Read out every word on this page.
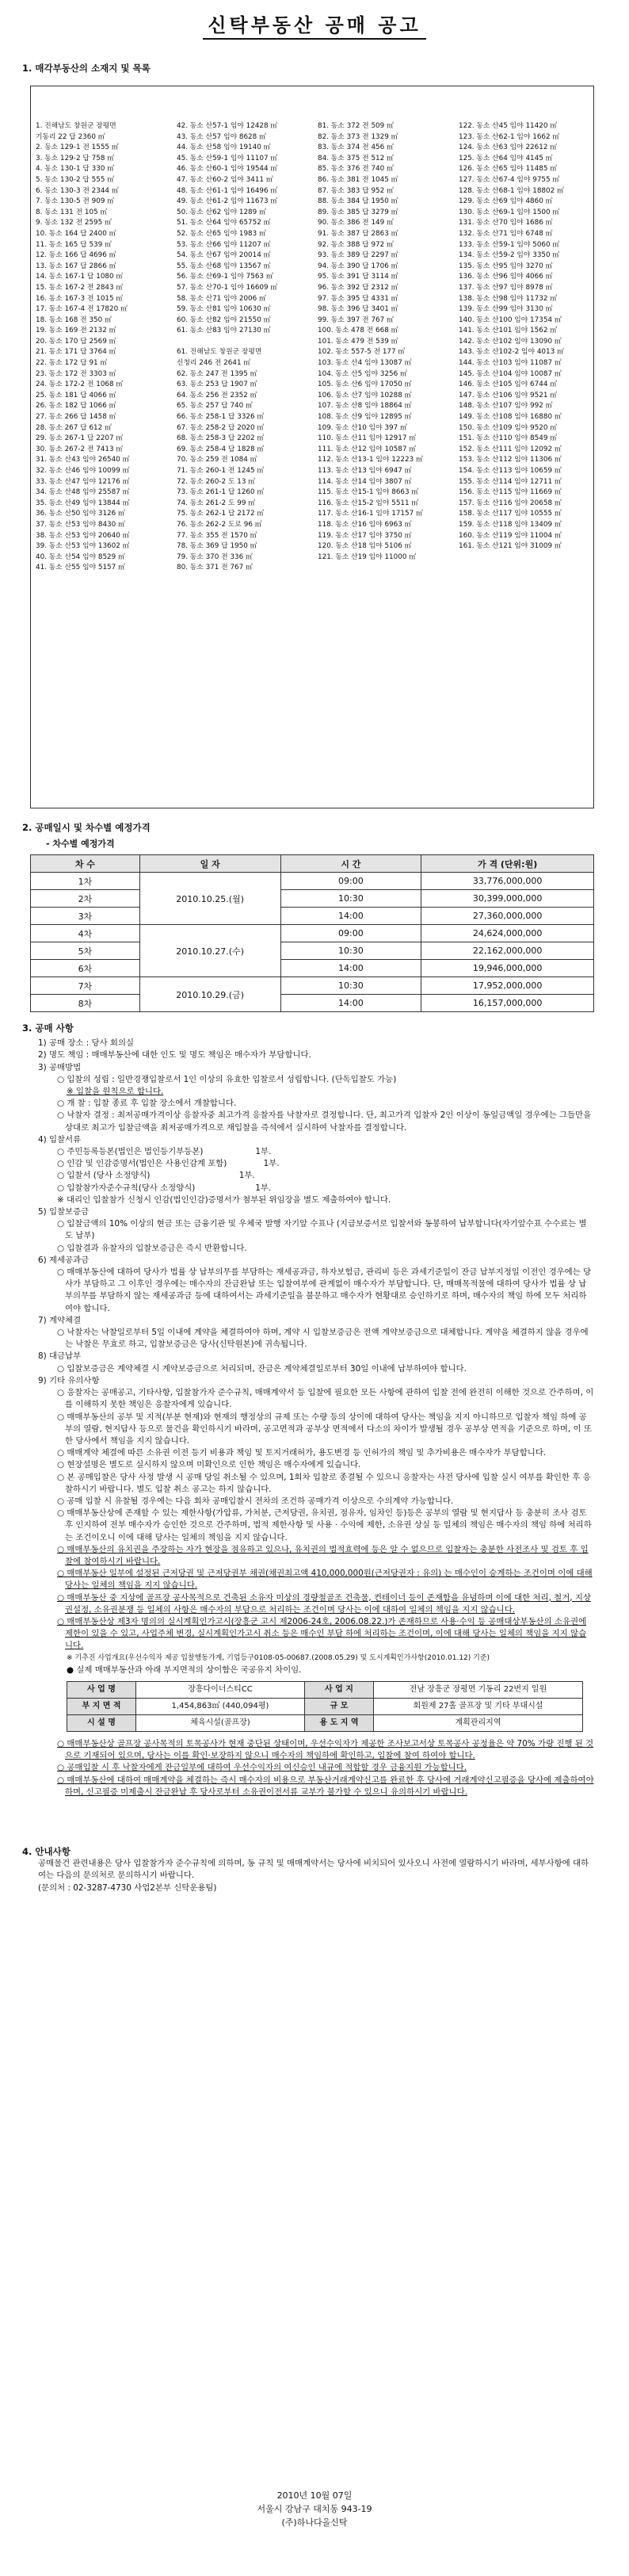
신탁부동산 공매 공고
1. 매각부동산의 소재지 및 목록
1. 진해남도 창원군 장평면
기동리 22 답 2360 ㎡
2. 동소 129-1 전 1555 ㎡
3. 동소 129-2 답 758 ㎡
4. 동소 130-1 답 330 ㎡
5. 동소 130-2 답 555 ㎡
6. 동소 130-3 전 2344 ㎡
7. 동소 130-5 전 909 ㎡
8. 동소 131 전 105 ㎡
9. 동소 132 전 2595 ㎡
10. 동소 164 답 2400 ㎡
11. 동소 165 답 539 ㎡
12. 동소 166 답 4696 ㎡
13. 동소 167 답 2866 ㎡
14. 동소 167-1 답 1080 ㎡
15. 동소 167-2 전 2843 ㎡
16. 동소 167-3 전 1015 ㎡
17. 동소 167-4 전 17820 ㎡
18. 동소 168 전 350 ㎡
19. 동소 169 전 2132 ㎡
20. 동소 170 답 2569 ㎡
21. 동소 171 답 3764 ㎡
22. 동소 172 답 91 ㎡
23. 동소 172 전 3303 ㎡
24. 동소 172-2 전 1068 ㎡
25. 동소 181 답 4066 ㎡
26. 동소 182 답 1066 ㎡
27. 동소 266 답 1458 ㎡
28. 동소 267 답 612 ㎡
29. 동소 267-1 답 2207 ㎡
30. 동소 267-2 전 7413 ㎡
31. 동소 산43 임야 26540 ㎡
32. 동소 산46 임야 10099 ㎡
33. 동소 산47 임야 12176 ㎡
34. 동소 산48 임야 25587 ㎡
35. 동소 산49 임야 13844 ㎡
36. 동소 산50 임야 3126 ㎡
37. 동소 산53 임야 8430 ㎡
38. 동소 산53 임야 20640 ㎡
39. 동소 산53 임야 13602 ㎡
40. 동소 산54 임야 8529 ㎡
41. 동소 산55 임야 5157 ㎡
42. 동소 산57-1 임야 12428 ㎡
43. 동소 산57 임야 8628 ㎡
44. 동소 산58 임야 19140 ㎡
45. 동소 산59-1 임야 11107 ㎡
46. 동소 산60-1 임야 19544 ㎡
47. 동소 산60-2 임야 3411 ㎡
48. 동소 산61-1 임야 16496 ㎡
49. 동소 산61-2 임야 11673 ㎡
50. 동소 산62 임야 1289 ㎡
51. 동소 산64 임야 65752 ㎡
52. 동소 산65 임야 1983 ㎡
53. 동소 산66 임야 11207 ㎡
54. 동소 산67 임야 20014 ㎡
55. 동소 산68 임야 13567 ㎡
56. 동소 산69-1 임야 7563 ㎡
57. 동소 산70-1 임야 16609 ㎡
58. 동소 산71 임야 2006 ㎡
59. 동소 산81 임야 10630 ㎡
60. 동소 산82 임야 21550 ㎡
61. 동소 산83 임야 27130 ㎡
61. 진해남도 창원군 장평면
신청리 246 전 2641 ㎡
62. 동소 247 전 1395 ㎡
63. 동소 253 답 1907 ㎡
64. 동소 256 전 2352 ㎡
65. 동소 257 답 740 ㎡
66. 동소 258-1 답 3326 ㎡
67. 동소 258-2 답 2020 ㎡
68. 동소 258-3 답 2202 ㎡
69. 동소 258-4 답 1828 ㎡
70. 동소 259 전 1084 ㎡
71. 동소 260-1 전 1245 ㎡
72. 동소 260-2 도 13 ㎡
73. 동소 261-1 답 1260 ㎡
74. 동소 261-2 도 99 ㎡
75. 동소 262-1 답 2172 ㎡
76. 동소 262-2 도로 96 ㎡
77. 동소 355 전 1570 ㎡
78. 동소 369 답 1950 ㎡
79. 동소 370 전 336 ㎡
80. 동소 371 전 767 ㎡
81. 동소 372 전 509 ㎡
82. 동소 373 전 1329 ㎡
83. 동소 374 전 456 ㎡
84. 동소 375 전 512 ㎡
85. 동소 376 전 740 ㎡
86. 동소 381 전 1045 ㎡
87. 동소 383 답 952 ㎡
88. 동소 384 답 1950 ㎡
89. 동소 385 답 3279 ㎡
90. 동소 386 전 149 ㎡
91. 동소 387 답 2863 ㎡
92. 동소 388 답 972 ㎡
93. 동소 389 답 2297 ㎡
94. 동소 390 답 1706 ㎡
95. 동소 391 답 3114 ㎡
96. 동소 392 답 2312 ㎡
97. 동소 395 답 4331 ㎡
98. 동소 396 답 3401 ㎡
99. 동소 397 전 767 ㎡
100. 동소 478 전 668 ㎡
101. 동소 479 전 539 ㎡
102. 동소 557-5 전 177 ㎡
103. 동소 산4 임야 13087 ㎡
104. 동소 산5 임야 3256 ㎡
105. 동소 산6 임야 17050 ㎡
106. 동소 산7 임야 10288 ㎡
107. 동소 산8 임야 18864 ㎡
108. 동소 산9 임야 12895 ㎡
109. 동소 산10 임야 397 ㎡
110. 동소 산11 임야 12917 ㎡
111. 동소 산12 임야 10587 ㎡
112. 동소 산13-1 임야 12223 ㎡
113. 동소 산13 임야 6947 ㎡
114. 동소 산14 임야 3807 ㎡
115. 동소 산15-1 임야 8663 ㎡
116. 동소 산15-2 임야 5511 ㎡
117. 동소 산16-1 임야 17157 ㎡
118. 동소 산16 임야 6963 ㎡
119. 동소 산17 임야 3750 ㎡
120. 동소 산18 임야 5106 ㎡
121. 동소 산19 임야 11000 ㎡
122. 동소 산45 임야 11420 ㎡
123. 동소 산62-1 임야 1662 ㎡
124. 동소 산63 임야 22612 ㎡
125. 동소 산64 임야 4145 ㎡
126. 동소 산65 임야 11485 ㎡
127. 동소 산67-4 임야 9755 ㎡
128. 동소 산68-1 임야 18802 ㎡
129. 동소 산69 임야 4860 ㎡
130. 동소 산69-1 임야 1500 ㎡
131. 동소 산70 임야 1686 ㎡
132. 동소 산71 임야 6748 ㎡
133. 동소 산59-1 임야 5060 ㎡
134. 동소 산59-2 임야 3350 ㎡
135. 동소 산95 임야 3270 ㎡
136. 동소 산96 임야 4066 ㎡
137. 동소 산97 임야 8978 ㎡
138. 동소 산98 임야 11732 ㎡
139. 동소 산99 임야 3130 ㎡
140. 동소 산100 임야 17354 ㎡
141. 동소 산101 임야 1562 ㎡
142. 동소 산102 임야 13090 ㎡
143. 동소 산102-2 임야 4013 ㎡
144. 동소 산103 임야 11087 ㎡
145. 동소 산104 임야 10087 ㎡
146. 동소 산105 임야 6744 ㎡
147. 동소 산106 임야 9521 ㎡
148. 동소 산107 임야 992 ㎡
149. 동소 산108 임야 16880 ㎡
150. 동소 산109 임야 9520 ㎡
151. 동소 산110 임야 8549 ㎡
152. 동소 산111 임야 12092 ㎡
153. 동소 산112 임야 11306 ㎡
154. 동소 산113 임야 10659 ㎡
155. 동소 산114 임야 12711 ㎡
156. 동소 산115 임야 11669 ㎡
157. 동소 산116 임야 20658 ㎡
158. 동소 산117 임야 10555 ㎡
159. 동소 산118 임야 13409 ㎡
160. 동소 산119 임야 11004 ㎡
161. 동소 산121 임야 31009 ㎡
2. 공매일시 및 차수별 예정가격
- 차수별 예정가격
차 수	일 자	시 간	가 격 (단위:원)
1차	2010.10.25.(월)	09:00	33,776,000,000
2차		10:30	30,399,000,000
3차		14:00	27,360,000,000
4차	2010.10.27.(수)	09:00	24,624,000,000
5차		10:30	22,162,000,000
6차		14:00	19,946,000,000
7차	2010.10.29.(금)	10:30	17,952,000,000
8차		14:00	16,157,000,000

3. 공매 사항

1) 공매 장소 : 당사 회의실

2) 명도 책임 : 매매부동산에 대한 인도 및 명도 책임은 매수자가 부담합니다.

3) 공매방법

○ 입찰의 성립 : 일반경쟁입찰로서 1인 이상의 유효한 입찰로서 성립합니다. (단독입찰도 가능)

※ 입찰을 원칙으로 합니다.

○ 개 찰 : 입찰 종료 후 입찰 장소에서 개찰합니다.

○ 낙찰자 결정 : 최저공매가격이상 응찰자중 최고가격 응찰자를 낙찰자로 결정합니다. 단, 최고가격 입찰자 2인 이상이 동일금액일 경우에는 그들만을 상대로 최고가 입찰금액을 최저공매가격으로 재입찰을 즉석에서 실시하여 낙찰자를 결정합니다.

4) 입찰서류

○ 주민등록등본(법인은 법인등기부등본)                    1부.

○ 인감 및 인감증명서(법인은 사용인감계 포함)              1부.

○ 입찰서 (당사 소정양식)                                  1부.

○ 입찰참가자준수규칙(당사 소정양식)                       1부.

※ 대리인 입찰참가 신청시 인감(법인인감)증명서가 첨부된 위임장을 별도 제출하여야 합니다.

5) 입찰보증금

○ 입찰금액의 10% 이상의 현금 또는 금융기관 및 우체국 발행 자기앞 수표나 (지급보증서로 입찰서와 동봉하여 납부합니다(자기앞수표 수수료는 별도 납부)

○ 입찰결과 유찰자의 입찰보증금은 즉시 반환합니다.

6) 제세공과금

○ 매매부동산에 대하여 당사가 법률 상 납부의무를 부담하는 재세공과금, 하자보험금, 관리비 등은 과세기준일이 잔금 납부지정일 이전인 경우에는 당사가 부담하고 그 이후인 경우에는 매수자의 잔금완납 또는 입찰여부에 관계없이 매수자가 부담합니다. 단, 매매목적물에 대하여 당사가 법률 상 납부의무를 부담하지 않는 재세공과금 등에 대하여서는 과세기준일을 불문하고 매수자가 현황대로 승인하기로 하며, 매수자의 책임 하에 모두 처리하여야 합니다.

7) 계약체결

○ 낙찰자는 낙찰일로부터 5일 이내에 계약을 체결하여야 하며, 계약 시 입찰보증금은 전액 계약보증금으로 대체합니다. 계약을 체결하지 않을 경우에는 낙찰은 무효로 하고, 입찰보증금은 당사(신탁원본)에 귀속됩니다.

8) 대금납부

○ 입찰보증금은 계약체결 시 계약보증금으로 처리되며, 잔금은 계약체결일로부터 30일 이내에 납부하여야 합니다.

9) 기타 유의사항

○ 응찰자는 공매공고, 기타사항, 입찰참가자 준수규칙, 매매계약서 등 입찰에 필요한 모든 사항에 관하여 입찰 전에 완전히 이해한 것으로 간주하며, 이를 이해하지 못한 책임은 응찰자에게 있습니다.

○ 매매부동산의 공부 및 지적(부분 현재)와 현재의 행정상의 규제 또는 수량 등의 상이에 대하여 당사는 책임을 지지 아니하므로 입찰자 책임 하에 공부의 열람, 현지답사 등으로 물건을 확인하시기 바라며, 공고면적과 공부상 면적에서 다소의 차이가 발생될 경우 공부상 면적을 기준으로 하며, 이 또한 당사에서 책임을 지지 않습니다.

○ 매매계약 체결에 따른 소유권 이전 등기 비용과 책임 및 토지거래허가, 용도변경 등 인허가의 책임 및 추가비용은 매수자가 부담합니다.

○ 현장설명은 별도로 실시하지 않으며 미확인으로 인한 책임은 매수자에게 있습니다.

○ 본 공매입찰은 당사 사정 발생 시 공매 당일 취소될 수 있으며, 1회차 입찰로 종결될 수 있으니 응찰자는 사전 당사에 입찰 실시 여부를 확인한 후 응찰하시기 바랍니다. 별도 입찰 취소 공고는 하지 않습니다.

○ 공매 입찰 시 유찰될 경우에는 다음 회차 공매입찰시 전차의 조건하 공매가격 이상으로 수의계약 가능합니다.

○ 매매부동산상에 존재할 수 있는 제한사항(가압류, 가처분, 근저당권, 유치권, 점유자, 임차인 등)등은 공부의 열람 및 현지답사 등 충분히 조사 검토 후 인지하여 전부 매수자가 승인한 것으로 간주하며, 법적 제한사항 및 사용 · 수익에 제한, 소유권 상실 등 일체의 책임은 매수자의 책임 하에 처리하는 조건이오니 이에 대해 당사는 일체의 책임을 지지 않습니다.

○ 매매부동산의 유치권을 주장하는 자가 현장을 점유하고 있으나, 유치권의 법적효력에 등은 알 수 없으므로 입찰자는 충분한 사전조사 및 검토 후 입찰에 참여하시기 바랍니다.

○ 매매부동산 일부에 설정된 근저당권 및 근저당권부 채권(채권최고액 410,000,000원(근저당권자 : 유의) 는 매수인이 승계하는 조건이며 이에 대해 당사는 일체의 책임을 지지 않습니다.

○ 매매부동산 중 지상에 골프장 공사목적으로 건축된 소유자 미상의 경량철골조 건축물, 컨테이너 등이 존재함을 유념하며 이에 대한 처리, 철거, 지상권설정, 소유권분쟁 등 일체의 사항은 매수자의 부담으로 처리하는 조건이며 당사는 이에 대하여 일체의 책임을 지지 않습니다.

○ 매매부동산상 제3자 명의의 실시계획인가고시(장흥군 고시 제2006-24호, 2006.08.22.)가 존재하므로 사용·수익 등 공매대상부동산의 소유권에 제한이 있을 수 있고, 사업주체 변경, 실시계획인가고시 취소 등은 매수인 부담 하에 처리하는 조건이며, 이에 대해 당사는 일체의 책임을 지지 않습니다.

※ 기추진 사업개요(우선수익자 제공 입찰행동가계, 기업등구0108-05-00687.(2008.05.29) 및 도시계획인가사항(2010.01.12) 기준)

● 실제 매매부동산과 아래 부지면적의 상이함은 국공유지 차이임.

사 업 명	장흥다이너스티CC	사 업 지	전남 장흥군 장평면 기동리 22번지 일원
부 지 면 적	1,454,863㎡ (440,094평)	규 모	회원제 27홀 골프장 및 기타 부대시설
시 설 명	체육시설(골프장)	용 도 지 역	계획관리지역

○ 매매부동산상 골프장 공사목적의 토목공사가 현재 중단된 상태이며, 우선수익자가 제공한 조사보고서상 토목공사 공정율은 약 70% 가량 진행 된 것으로 기재되어 있으며, 당사는 이를 확인·보장하지 않으니 매수자의 책임하에 확인하고, 입찰에 참여 하여야 합니다.

○ 공매입찰 시 후 낙찰자에게 잔금일부에 대하여 우선수익자의 여신승인 내규에 적합할 경우 금융지원 가능합니다.

○ 매매부동산에 대하여 매매계약을 체결하는 즉시 매수자의 비용으로 부동산거래계약신고를 완료한 후 당사에 거래계약신고필증을 당사에 제출하여야 하며, 신고필증 미제출시 잔금완납 후 당사로부터 소유권이전서류 교부가 불가할 수 있으니 유의하시기 바랍니다.

4. 안내사항

공매물건 관련내용은 당사 입찰참가자 준수규칙에 의하며, 동 규칙 및 매매계약서는 당사에 비치되어 있사오니 사전에 열람하시기 바라며, 세부사항에 대하여는 다음의 문의처로 문의하시기 바랍니다.

(문의처 : 02-3287-4730 사업2본부 신탁운용팀)

2010년 10월 07일
서울시 강남구 대치동 943-19
(주)하나다올신탁
